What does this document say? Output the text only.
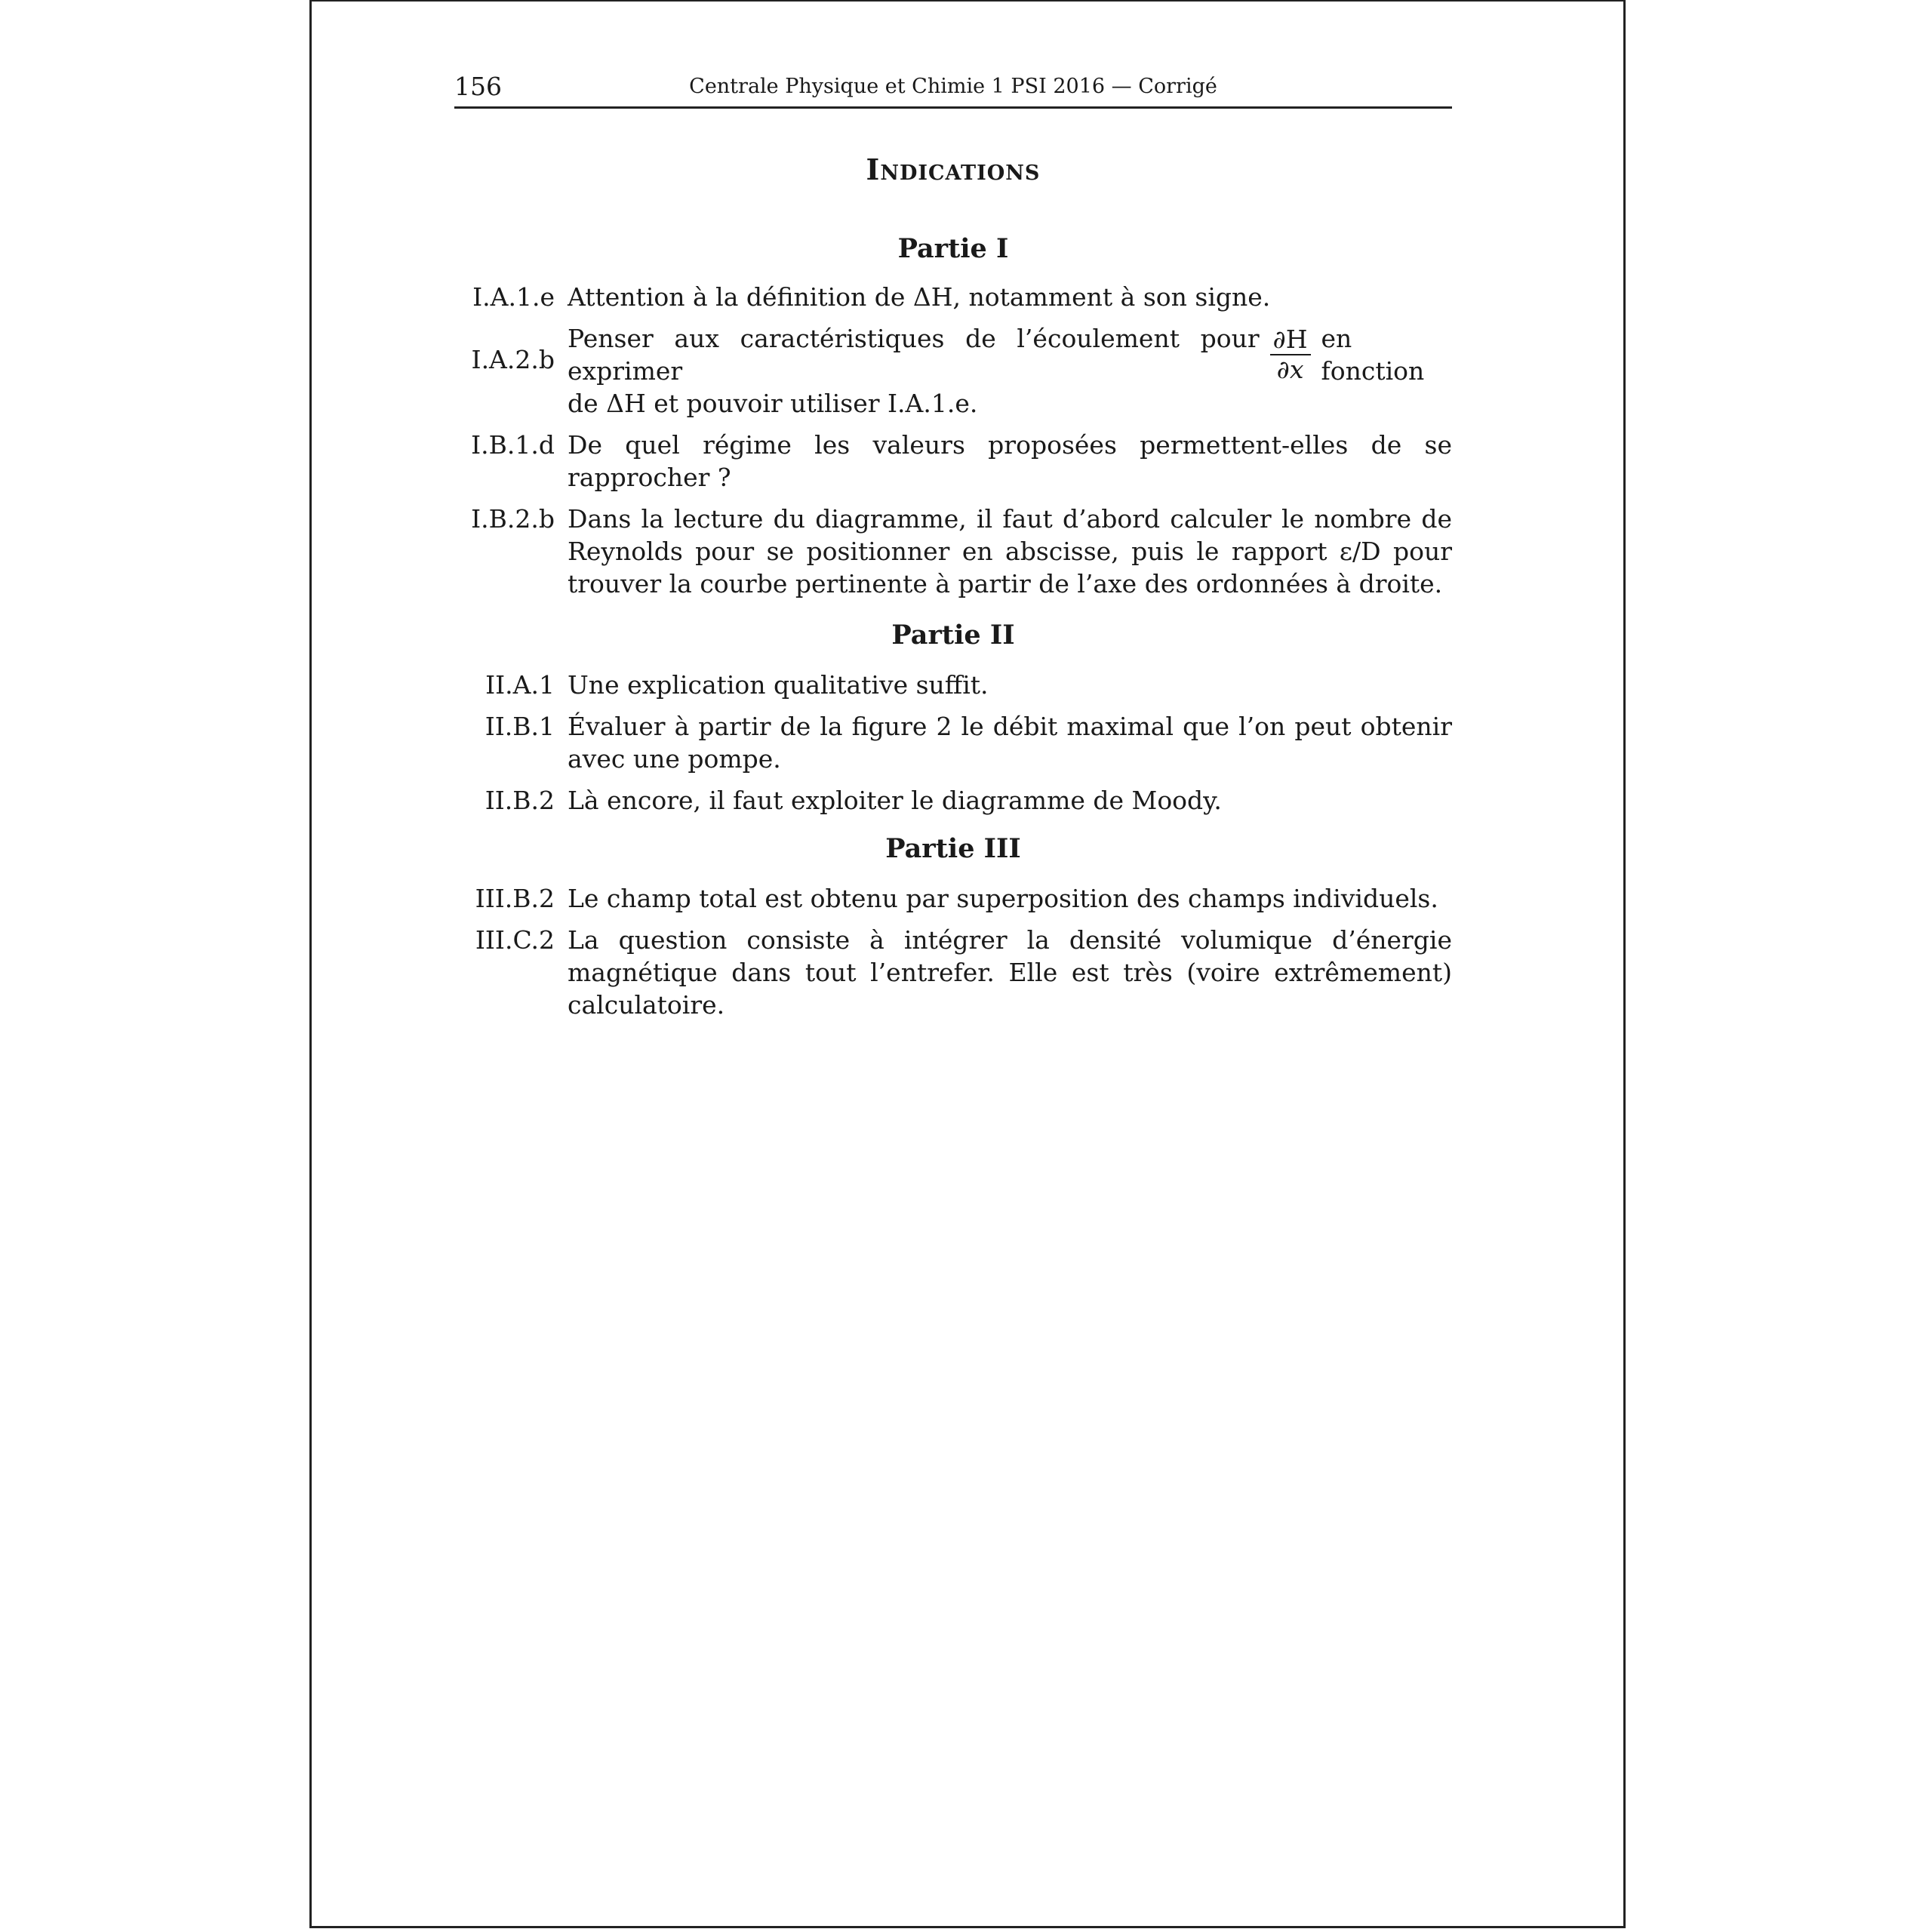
156	Centrale Physique et Chimie 1 PSI 2016 — Corrigé
Indications
Partie I
I.A.1.e Attention à la définition de ΔH, notamment à son signe.
I.A.2.b
Penser aux caractéristiques de l’écoulement pour exprimer	$\frac{\partial H}{\partial x}$ en fonction
de ΔH et pouvoir utiliser I.A.1.e.
I.B.1.d De quel régime les valeurs proposées permettent-elles de se rapprocher ?
I.B.2.b Dans la lecture du diagramme, il faut d’abord calculer le nombre de Reynolds pour se positionner en abscisse, puis le rapport ε/D pour trouver la courbe pertinente à partir de l’axe des ordonnées à droite.
Partie II
II.A.1 Une explication qualitative suffit.
II.B.1 Évaluer à partir de la figure 2 le débit maximal que l’on peut obtenir avec une pompe.
II.B.2 Là encore, il faut exploiter le diagramme de Moody.
Partie III
III.B.2 Le champ total est obtenu par superposition des champs individuels.
III.C.2 La question consiste à intégrer la densité volumique d’énergie magnétique dans tout l’entrefer. Elle est très (voire extrêmement) calculatoire.
